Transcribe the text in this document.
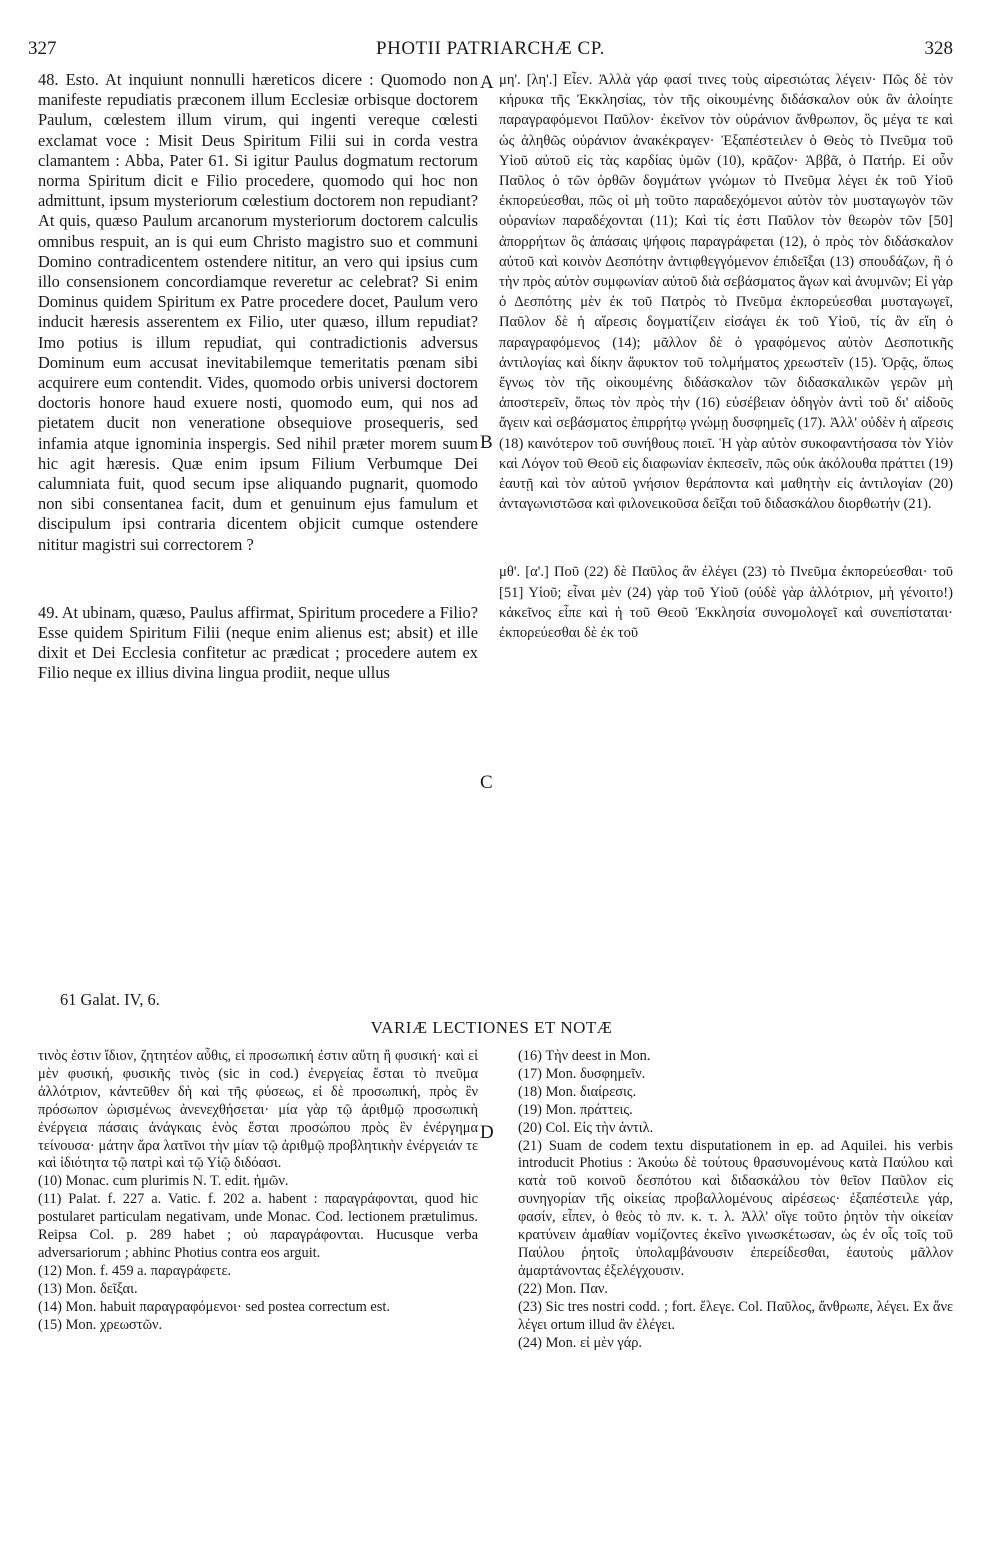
327	PHOTII PATRIARCHÆ CP.	328

48. Esto. At inquiunt nonnulli hæreticos dicere : Quomodo non manifeste repudiatis præconem illum Ecclesiæ orbisque doctorem Paulum, cœlestem illum virum, qui ingenti vereque cœlesti exclamat voce : Misit Deus Spiritum Filii sui in corda vestra clamantem : Abba, Pater 61. Si igitur Paulus dogmatum rectorum norma Spiritum dicit e Filio procedere, quomodo qui hoc non admittunt, ipsum mysteriorum cœlestium doctorem non repudiant? At quis, quæso Paulum arcanorum mysteriorum doctorem calculis omnibus respuit, an is qui eum Christo magistro suo et communi Domino contradicentem ostendere nititur, an vero qui ipsius cum illo consensionem concordiamque reveretur ac celebrat? Si enim Dominus quidem Spiritum ex Patre procedere docet, Paulum vero inducit hæresis asserentem ex Filio, uter quæso, illum repudiat? Imo potius is illum repudiat, qui contradictionis adversus Dominum eum accusat inevitabilemque temeritatis pœnam sibi acquirere eum contendit. Vides, quomodo orbis universi doctorem doctoris honore haud exuere nosti, quomodo eum, qui nos ad pietatem ducit non veneratione obsequiove prosequeris, sed infamia atque ignominia inspergis. Sed nihil præter morem suum hic agit hæresis. Quæ enim ipsum Filium Verbumque Dei calumniata fuit, quod secum ipse aliquando pugnarit, quomodo non sibi consentanea facit, dum et genuinum ejus famulum et discipulum ipsi contraria dicentem objicit cumque ostendere nititur magistri sui correctorem ?

49. At ubinam, quæso, Paulus affirmat, Spiritum procedere a Filio? Esse quidem Spiritum Filii (neque enim alienus est; absit) et ille dixit et Dei Ecclesia confitetur ac prædicat ; procedere autem ex Filio neque ex illius divina lingua prodiit, neque ullus

μη'. [λη'.] Εἶεν. Ἀλλὰ γάρ φασί τινες τοὺς αἱρεσιώτας λέγειν· Πῶς δὲ τὸν κήρυκα τῆς Ἐκκλησίας, τὸν τῆς οἰκουμένης διδάσκαλον οὐκ ἂν ἀλοίητε παραγραφόμενοι Παῦλον· ἐκεῖνον τὸν οὐράνιον ἄνθρωπον, ὃς μέγα τε καὶ ὡς ἀληθῶς οὐράνιον ἀνακέκραγεν· Ἐξαπέστειλεν ὁ Θεὸς τὸ Πνεῦμα τοῦ Υἱοῦ αὐτοῦ εἰς τὰς καρδίας ὑμῶν (10), κρᾶζον· Ἀββᾶ, ὁ Πατήρ. Εἰ οὖν Παῦλος ὁ τῶν ὀρθῶν δογμάτων γνώμων τὸ Πνεῦμα λέγει ἐκ τοῦ Υἱοῦ ἐκπορεύεσθαι, πῶς οἱ μὴ τοῦτο παραδεχόμενοι αὐτὸν τὸν μυσταγωγὸν τῶν οὐρανίων παραδέχονται (11); Καὶ τίς ἐστι Παῦλον τὸν θεωρὸν τῶν [50] ἀπορρήτων ὃς ἁπάσαις ψήφοις παραγράφεται (12), ὁ πρὸς τὸν διδάσκαλον αὐτοῦ καὶ κοινὸν Δεσπότην ἀντιφθεγγόμενον ἐπιδεῖξαι (13) σπουδάζων, ἢ ὁ τὴν πρὸς αὐτὸν συμφωνίαν αὐτοῦ διὰ σεβάσματος ἄγων καὶ ἀνυμνῶν; Εἰ γὰρ ὁ Δεσπότης μὲν ἐκ τοῦ Πατρὸς τὸ Πνεῦμα ἐκπορεύεσθαι μυσταγωγεῖ, Παῦλον δὲ ἡ αἵρεσις δογματίζειν εἰσάγει ἐκ τοῦ Υἱοῦ, τίς ἂν εἴη ὁ παραγραφόμενος (14); μᾶλλον δὲ ὁ γραφόμενος αὐτὸν Δεσποτικῆς ἀντιλογίας καὶ δίκην ἄφυκτον τοῦ τολμήματος χρεωστεῖν (15). Ὁρᾷς, ὅπως ἔγνως τὸν τῆς οἰκουμένης διδάσκαλον τῶν διδασκαλικῶν γερῶν μὴ ἀποστερεῖν, ὅπως τὸν πρὸς τὴν (16) εὐσέβειαν ὁδηγὸν ἀντὶ τοῦ δι' αἰδοῦς ἄγειν καὶ σεβάσματος ἐπιρρήτῳ γνώμῃ δυσφημεῖς (17). Ἀλλ' οὐδὲν ἡ αἵρεσις (18) καινότερον τοῦ συνήθους ποιεῖ. Ἡ γὰρ αὐτὸν συκοφαντήσασα τὸν Υἱὸν καὶ Λόγον τοῦ Θεοῦ εἰς διαφωνίαν ἐκπεσεῖν, πῶς οὐκ ἀκόλουθα πράττει (19) ἑαυτῇ καὶ τὸν αὐτοῦ γνήσιον θεράποντα καὶ μαθητὴν εἰς ἀντιλογίαν (20) ἀνταγωνιστῶσα καὶ φιλονεικοῦσα δεῖξαι τοῦ διδασκάλου διορθωτήν (21).

μθ'. [α'.] Ποῦ (22) δὲ Παῦλος ἂν ἐλέγει (23) τὸ Πνεῦμα ἐκπορεύεσθαι· τοῦ [51] Υἱοῦ; εἶναι μὲν (24) γὰρ τοῦ Υἱοῦ (οὐδὲ γὰρ ἀλλότριον, μὴ γένοιτο!) κἀκεῖνος εἶπε καὶ ἡ τοῦ Θεοῦ Ἐκκλησία συνομολογεῖ καὶ συνεπίσταται· ἐκπορεύεσθαι δὲ ἐκ τοῦ

A
B
C
D
61 Galat. IV, 6.
VARIÆ LECTIONES ET NOTÆ
τινὸς ἐστιν ἴδιον, ζητητέον αὖθις, εἰ προσωπική ἐστιν αὕτη ἢ φυσική· καὶ εἰ μὲν φυσική, φυσικῆς τινὸς (sic in cod.) ἐνεργείας ἔσται τὸ πνεῦμα ἀλλότριον, κἀντεῦθεν δὴ καὶ τῆς φύσεως, εἰ δὲ προσωπική, πρὸς ἓν πρόσωπον ὡρισμένως ἀνενεχθήσεται· μία γὰρ τῷ ἀριθμῷ προσωπικὴ ἐνέργεια πάσαις ἀνάγκαις ἑνὸς ἔσται προσώπου πρὸς ἓν ἐνέργημα τείνουσα· μάτην ἄρα λατῖνοι τὴν μίαν τῷ ἀριθμῷ προβλητικὴν ἐνέργειάν τε καὶ ἰδιότητα τῷ πατρὶ καὶ τῷ Υἱῷ διδόασι.
(10) Monac. cum plurimis N. T. edit. ἡμῶν.
(11) Palat. f. 227 a. Vatic. f. 202 a. habent : παραγράφονται, quod hic postularet particulam negativam, unde Monac. Cod. lectionem prætulimus. Reipsa Col. p. 289 habet ; οὐ παραγράφονται. Hucusque verba adversariorum ; abhinc Photius contra eos arguit.
(12) Mon. f. 459 a. παραγράφετε.
(13) Mon. δεῖξαι.
(14) Mon. habuit παραγραφόμενοι· sed postea correctum est.
(15) Mon. χρεωστῶν.
(16) Τὴν deest in Mon.
(17) Mon. δυσφημεῖν.
(18) Mon. διαίρεσις.
(19) Mon. πράττεις.
(20) Col. Εἰς τὴν ἀντιλ.
(21) Suam de codem textu disputationem in ep. ad Aquilei. his verbis introducit Photius : Ἀκούω δὲ τούτους θρασυνομένους κατὰ Παύλου καὶ κατὰ τοῦ κοινοῦ δεσπότου καὶ διδασκάλου τὸν θεῖον Παῦλον εἰς συνηγορίαν τῆς οἰκείας προβαλλομένους αἱρέσεως· ἐξαπέστειλε γάρ, φασίν, εἶπεν, ὁ θεὸς τὸ πν. κ. τ. λ. Ἀλλ' οἵγε τοῦτο ῥητὸν τὴν οἰκείαν κρατύνειν ἀμαθίαν νομίζοντες ἐκεῖνο γινωσκέτωσαν, ὡς ἐν οἷς τοῖς τοῦ Παύλου ῥητοῖς ὑπολαμβάνουσιν ἐπερείδεσθαι, ἑαυτοὺς μᾶλλον ἁμαρτάνοντας ἐξελέγχουσιν.
(22) Mon. Παν.
(23) Sic tres nostri codd. ; fort. ἔλεγε. Col. Παῦλος, ἄνθρωπε, λέγει. Ex ἄνε λέγει ortum illud ἂν ἐλέγει.
(24) Mon. εἰ μὲν γάρ.
